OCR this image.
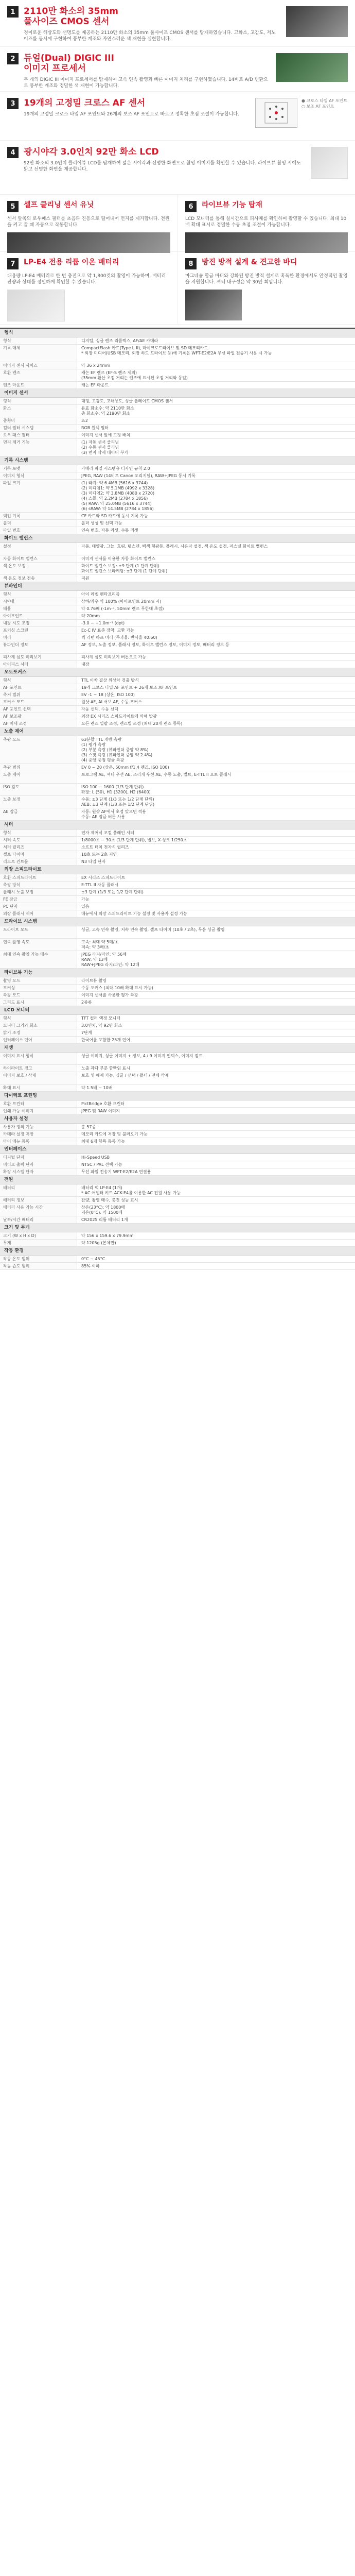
1 2110만 화소의 35mm
풀사이즈 CMOS 센서
경이로운 해상도와 선명도를 제공하는 2110만 화소의 35mm 풀사이즈 CMOS 센서를 탑재하였습니다. 고화소, 고감도, 저노이즈를 동시에 구현하여 풍부한 계조와 자연스러운 색 재현을 실현합니다.
2 듀얼(Dual) DIGIC III
이미지 프로세서
두 개의 DIGIC III 이미지 프로세서를 탑재하여 고속 연속 촬영과 빠른 이미지 처리를 구현하였습니다. 14비트 A/D 변환으로 풍부한 계조와 정밀한 색 재현이 가능합니다.
3 19개의 고정밀 크로스 AF 센서
19개의 고정밀 크로스 타입 AF 포인트와 26개의 보조 AF 포인트로 빠르고 정확한 초점 조절이 가능합니다.
● 크로스 타입 AF 포인트
○ 보조 AF 포인트
4 광시야각 3.0인치 92만 화소 LCD
92만 화소의 3.0인치 클리어뷰 LCD를 탑재하여 넓은 시야각과 선명한 화면으로 촬영 이미지를 확인할 수 있습니다. 라이브뷰 촬영 시에도 밝고 선명한 화면을 제공합니다.
5	셀프 클리닝 센서 유닛
센서 앞쪽의 로우패스 필터를 초음파 진동으로 털어내어 먼지를 제거합니다. 전원을 켜고 끌 때 자동으로 작동합니다.
6	라이브뷰 기능 탑재
LCD 모니터를 통해 실시간으로 피사체를 확인하며 촬영할 수 있습니다. 최대 10배 확대 표시로 정밀한 수동 초점 조절이 가능합니다.
7	LP-E4 전용 리튬 이온 배터리
대용량 LP-E4 배터리로 한 번 충전으로 약 1,800컷의 촬영이 가능하며, 배터리 잔량과 상태를 정밀하게 확인할 수 있습니다.
8	방진 방적 설계 & 견고한 바디
마그네슘 합금 바디와 강화된 방진 방적 설계로 혹독한 환경에서도 안정적인 촬영을 지원합니다. 셔터 내구성은 약 30만 회입니다.
형식
형식	디지털, 싱글 렌즈 리플렉스, AF/AE 카메라
기록 매체	CompactFlash 카드(Type I, II), 마이크로드라이브 및 SD 메모리카드
* 외장 미디어(USB 메모리, 외장 하드 드라이브 등)에 기록은 WFT-E2/E2A 무선 파일 전송기 사용 시 가능
이미지 센서 사이즈	약 36 x 24mm
호환 렌즈	캐논 EF 렌즈 (EF-S 렌즈 제외)
(35mm 환산 초점 거리는 렌즈에 표시된 초점 거리와 동일)
렌즈 마운트	캐논 EF 마운트
이미지 센서
형식	대형, 고감도, 고해상도, 싱글 플레이트 CMOS 센서
화소	유효 화소수: 약 2110만 화소
총 화소수: 약 2190만 화소
종횡비	3:2
컬러 필터 시스템	RGB 원색 필터
로우 패스 필터	이미지 센서 앞에 고정 배치
먼지 제거 기능	(1) 자동 센서 클리닝
(2) 수동 센서 클리닝
(3) 먼지 삭제 데이터 부가
기록 시스템
기록 포맷	카메라 파일 시스템용 디자인 규칙 2.0
이미지 형식	JPEG, RAW (14비트 Canon 오리지널), RAW+JPEG 동시 기록
파일 크기	(1) 라지: 약 6.4MB (5616 x 3744)
(2) 미디엄1: 약 5.1MB (4992 x 3328)
(3) 미디엄2: 약 3.8MB (4080 x 2720)
(4) 스몰: 약 2.2MB (2784 x 1856)
(5) RAW: 약 25.0MB (5616 x 3744)
(6) sRAW: 약 14.5MB (2784 x 1856)
백업 기록	CF 카드와 SD 카드에 동시 기록 가능
폴더	폴더 생성 및 선택 가능
파일 번호	연속 번호, 자동 리셋, 수동 리셋
화이트 밸런스
설정	자동, 태양광, 그늘, 흐림, 텅스텐, 백색 형광등, 플래시, 사용자 설정, 색 온도 설정, 퍼스널 화이트 밸런스
자동 화이트 밸런스	이미지 센서를 이용한 자동 화이트 밸런스
색 온도 보정	화이트 밸런스 보정: ±9 단계 (1 단계 단위)
화이트 밸런스 브라케팅: ±3 단계 (1 단계 단위)
색 온도 정보 전송	지원
뷰파인더
형식	아이 레벨 펜타프리즘
시야율	상하/좌우 약 100% (아이포인트 20mm 시)
배율	약 0.76배 (-1m⁻¹, 50mm 렌즈 무한대 초점)
아이포인트	약 20mm
내장 시도 조정	-3.0 ~ +1.0m⁻¹ (dpt)
포커싱 스크린	Ec-C IV 표준 장착, 교환 가능
미러	퀵 리턴 하프 미러 (투과율: 반사율 40:60)
뷰파인더 정보	AF 정보, 노출 정보, 플래시 정보, 화이트 밸런스 정보, 이미지 정보, 배터리 정보 등
피사계 심도 미리보기	피사계 심도 미리보기 버튼으로 가능
아이피스 셔터	내장
오토포커스
형식	TTL 이차 결상 위상차 검출 방식
AF 포인트	19개 크로스 타입 AF 포인트 + 26개 보조 AF 포인트
측거 범위	EV -1 ~ 18 (상온, ISO 100)
포커스 모드	원샷 AF, AI 서보 AF, 수동 포커스
AF 포인트 선택	자동 선택, 수동 선택
AF 보조광	외장 EX 시리즈 스피드라이트에 의해 발광
AF 미세 조정	모든 렌즈 일괄 조정, 렌즈별 조정 (최대 20개 렌즈 등록)
노출 제어
측광 모드	63분할 TTL 개방 측광
(1) 평가 측광
(2) 부분 측광 (뷰파인더 중앙 약 8%)
(3) 스팟 측광 (뷰파인더 중앙 약 2.4%)
(4) 중앙 중점 평균 측광
측광 범위	EV 0 ~ 20 (상온, 50mm f/1.4 렌즈, ISO 100)
노출 제어	프로그램 AE, 셔터 우선 AE, 조리개 우선 AE, 수동 노출, 벌브, E-TTL II 오토 플래시
ISO 감도	ISO 100 ~ 1600 (1/3 단계 단위)
확장: L (50), H1 (3200), H2 (6400)
노출 보정	수동: ±3 단계 (1/3 또는 1/2 단계 단위)
AEB: ±3 단계 (1/3 또는 1/2 단계 단위)
AE 잠금	자동: 원샷 AF에서 초점 맞으면 적용
수동: AE 잠금 버튼 사용
셔터
형식	전자 제어식 포컬 플레인 셔터
셔터 속도	1/8000초 ~ 30초 (1/3 단계 단위), 벌브, X-싱크 1/250초
셔터 릴리즈	소프트 터치 전자식 릴리즈
셀프 타이머	10초 또는 2초 지연
리모트 컨트롤	N3 타입 단자
외장 스피드라이트
호환 스피드라이트	EX 시리즈 스피드라이트
측광 방식	E-TTL II 자동 플래시
플래시 노출 보정	±3 단계 (1/3 또는 1/2 단계 단위)
FE 잠금	가능
PC 단자	있음
외장 플래시 제어	메뉴에서 외장 스피드라이트 기능 설정 및 사용자 설정 가능
드라이브 시스템
드라이브 모드	싱글, 고속 연속 촬영, 저속 연속 촬영, 셀프 타이머 (10초 / 2초), 무음 싱글 촬영
연속 촬영 속도	고속: 최대 약 5매/초
저속: 약 3매/초
최대 연속 촬영 가능 매수	JPEG 라지/파인: 약 56매
RAW: 약 13매
RAW+JPEG 라지/파인: 약 12매
라이브뷰 기능
촬영 모드	라이브뷰 촬영
포커싱	수동 포커스 (최대 10배 확대 표시 가능)
측광 모드	이미지 센서를 사용한 평가 측광
그리드 표시	2종류
LCD 모니터
형식	TFT 컬러 액정 모니터
모니터 크기와 화소	3.0인치, 약 92만 화소
밝기 조정	7단계
인터페이스 언어	한국어를 포함한 25개 언어
재생
이미지 표시 형식	싱글 이미지, 싱글 이미지 + 정보, 4 / 9 이미지 인덱스, 이미지 점프
하이라이트 경고	노출 과다 부분 깜빡임 표시
이미지 보호 / 삭제	보호 및 해제 가능, 싱글 / 선택 / 폴더 / 전체 삭제
확대 표시	약 1.5배 ~ 10배
다이렉트 프린팅
호환 프린터	PictBridge 호환 프린터
인쇄 가능 이미지	JPEG 및 RAW 이미지
사용자 설정
사용자 정의 기능	총 57종
카메라 설정 저장	메모리 카드에 저장 및 불러오기 가능
마이 메뉴 등록	최대 6개 항목 등록 가능
인터페이스
디지털 단자	Hi-Speed USB
비디오 출력 단자	NTSC / PAL 선택 가능
확장 시스템 단자	무선 파일 전송기 WFT-E2/E2A 연결용
전원
배터리	배터리 팩 LP-E4 (1개)
* AC 어댑터 키트 ACK-E4를 이용한 AC 전원 사용 가능
배터리 정보	잔량, 촬영 매수, 충전 성능 표시
배터리 사용 가능 시간	상온(23°C): 약 1800매
저온(0°C): 약 1500매
날짜/시간 배터리	CR2025 리튬 배터리 1개
크기 및 무게
크기 (W x H x D)	약 156 x 159.6 x 79.9mm
무게	약 1205g (본체만)
작동 환경
작동 온도 범위	0°C ~ 45°C
작동 습도 범위	85% 이하
